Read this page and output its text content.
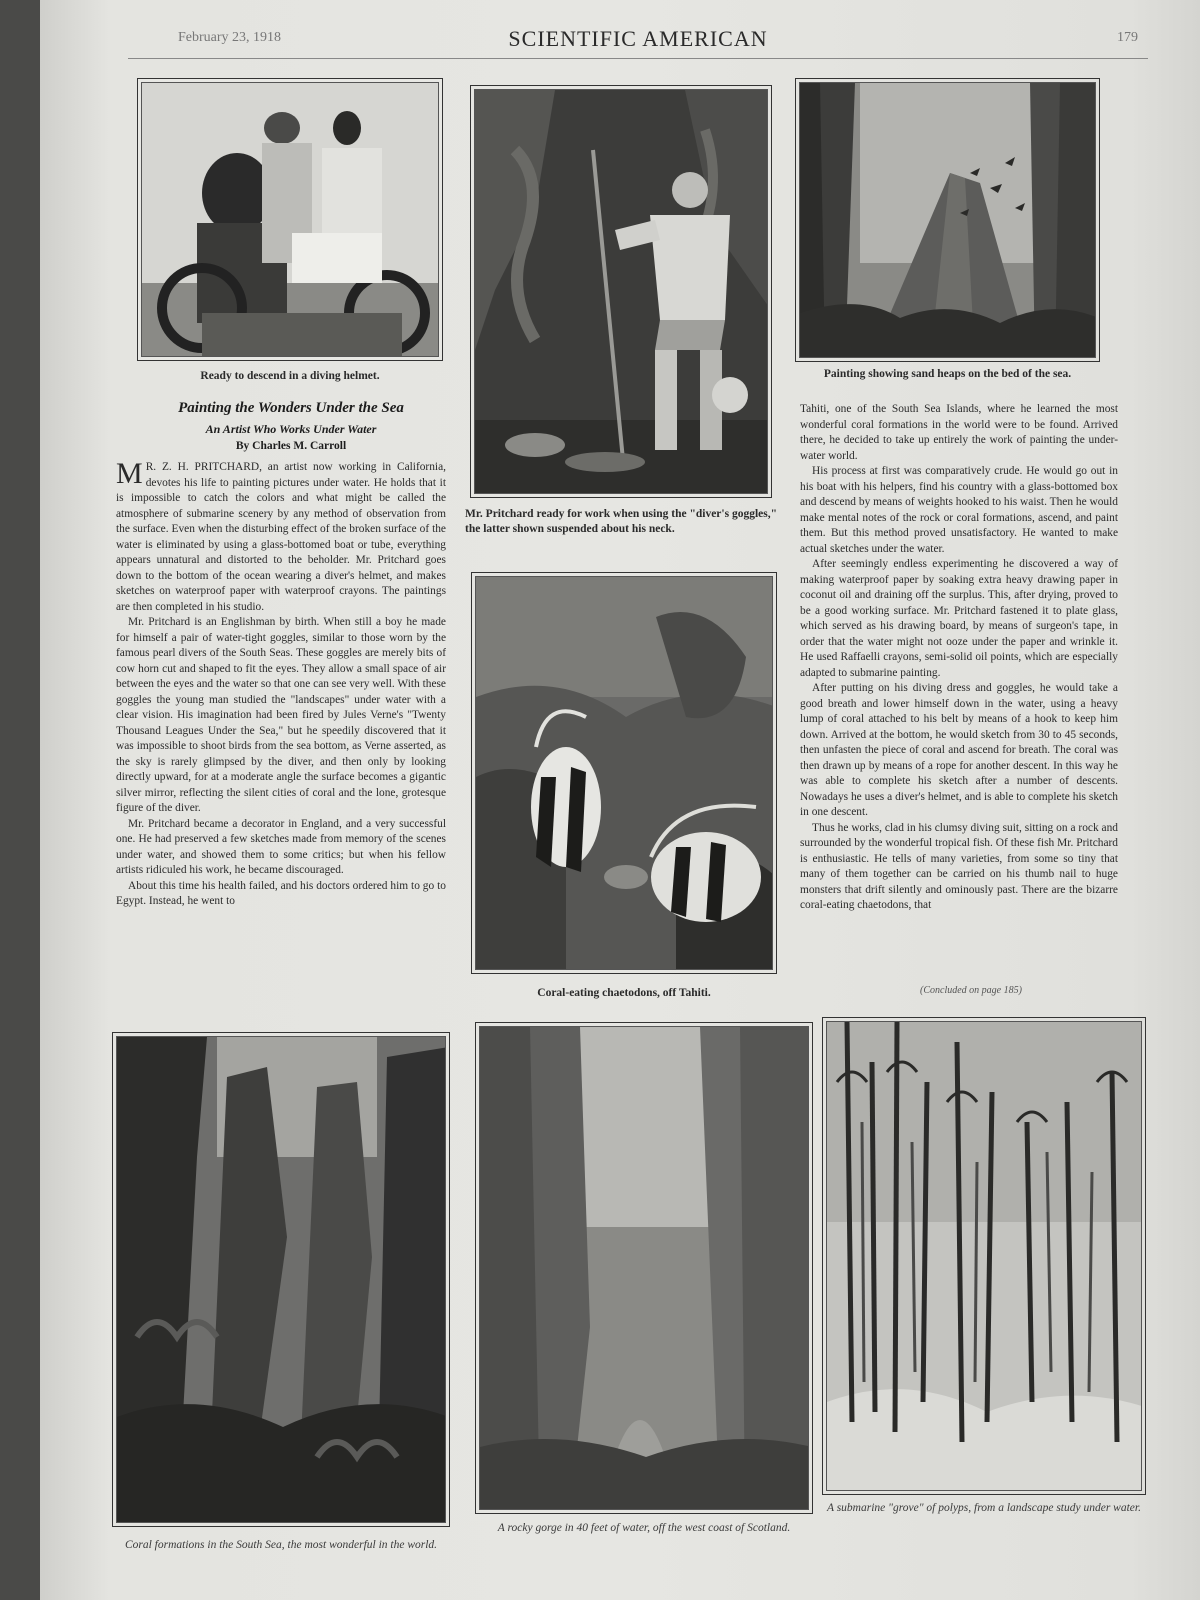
February 23, 1918	SCIENTIFIC AMERICAN	179
Ready to descend in a diving helmet.
Mr. Pritchard ready for work when using the "diver's goggles," the latter shown suspended about his neck.
Painting showing sand heaps on the bed of the sea.
Painting the Wonders Under the Sea
An Artist Who Works Under Water
By Charles M. Carroll

M R. Z. H. PRITCHARD, an artist now working in California, devotes his life to painting pictures under water. He holds that it is impossible to catch the colors and what might be called the atmosphere of submarine scenery by any method of observation from the surface. Even when the disturbing effect of the broken surface of the water is eliminated by using a glass-bottomed boat or tube, everything appears unnatural and distorted to the beholder. Mr. Pritchard goes down to the bottom of the ocean wearing a diver's helmet, and makes sketches on waterproof paper with waterproof crayons. The paintings are then completed in his studio.

Mr. Pritchard is an Englishman by birth. When still a boy he made for himself a pair of water-tight goggles, similar to those worn by the famous pearl divers of the South Seas. These goggles are merely bits of cow horn cut and shaped to fit the eyes. They allow a small space of air between the eyes and the water so that one can see very well. With these goggles the young man studied the "landscapes" under water with a clear vision. His imagination had been fired by Jules Verne's "Twenty Thousand Leagues Under the Sea," but he speedily discovered that it was impossible to shoot birds from the sea bottom, as Verne asserted, as the sky is rarely glimpsed by the diver, and then only by looking directly upward, for at a moderate angle the surface becomes a gigantic silver mirror, reflecting the silent cities of coral and the lone, grotesque figure of the diver.

Mr. Pritchard became a decorator in England, and a very successful one. He had preserved a few sketches made from memory of the scenes under water, and showed them to some critics; but when his fellow artists ridiculed his work, he became discouraged.

About this time his health failed, and his doctors ordered him to go to Egypt. Instead, he went to

Coral-eating chaetodons, off Tahiti.

Tahiti, one of the South Sea Islands, where he learned the most wonderful coral formations in the world were to be found. Arrived there, he decided to take up entirely the work of painting the under-water world.

His process at first was comparatively crude. He would go out in his boat with his helpers, find his country with a glass-bottomed box and descend by means of weights hooked to his waist. Then he would make mental notes of the rock or coral formations, ascend, and paint them. But this method proved unsatisfactory. He wanted to make actual sketches under the water.

After seemingly endless experimenting he discovered a way of making waterproof paper by soaking extra heavy drawing paper in coconut oil and draining off the surplus. This, after drying, proved to be a good working surface. Mr. Pritchard fastened it to plate glass, which served as his drawing board, by means of surgeon's tape, in order that the water might not ooze under the paper and wrinkle it. He used Raffaelli crayons, semi-solid oil points, which are especially adapted to submarine painting.

After putting on his diving dress and goggles, he would take a good breath and lower himself down in the water, using a heavy lump of coral attached to his belt by means of a hook to keep him down. Arrived at the bottom, he would sketch from 30 to 45 seconds, then unfasten the piece of coral and ascend for breath. The coral was then drawn up by means of a rope for another descent. In this way he was able to complete his sketch after a number of descents. Nowadays he uses a diver's helmet, and is able to complete his sketch in one descent.

Thus he works, clad in his clumsy diving suit, sitting on a rock and surrounded by the wonderful tropical fish. Of these fish Mr. Pritchard is enthusiastic. He tells of many varieties, from some so tiny that many of them together can be carried on his thumb nail to huge monsters that drift silently and ominously past. There are the bizarre coral-eating chaetodons, that

(Concluded on page 185)
Coral formations in the South Sea, the most wonderful in the world.
A rocky gorge in 40 feet of water, off the west coast of Scotland.
A submarine "grove" of polyps, from a landscape study under water.
